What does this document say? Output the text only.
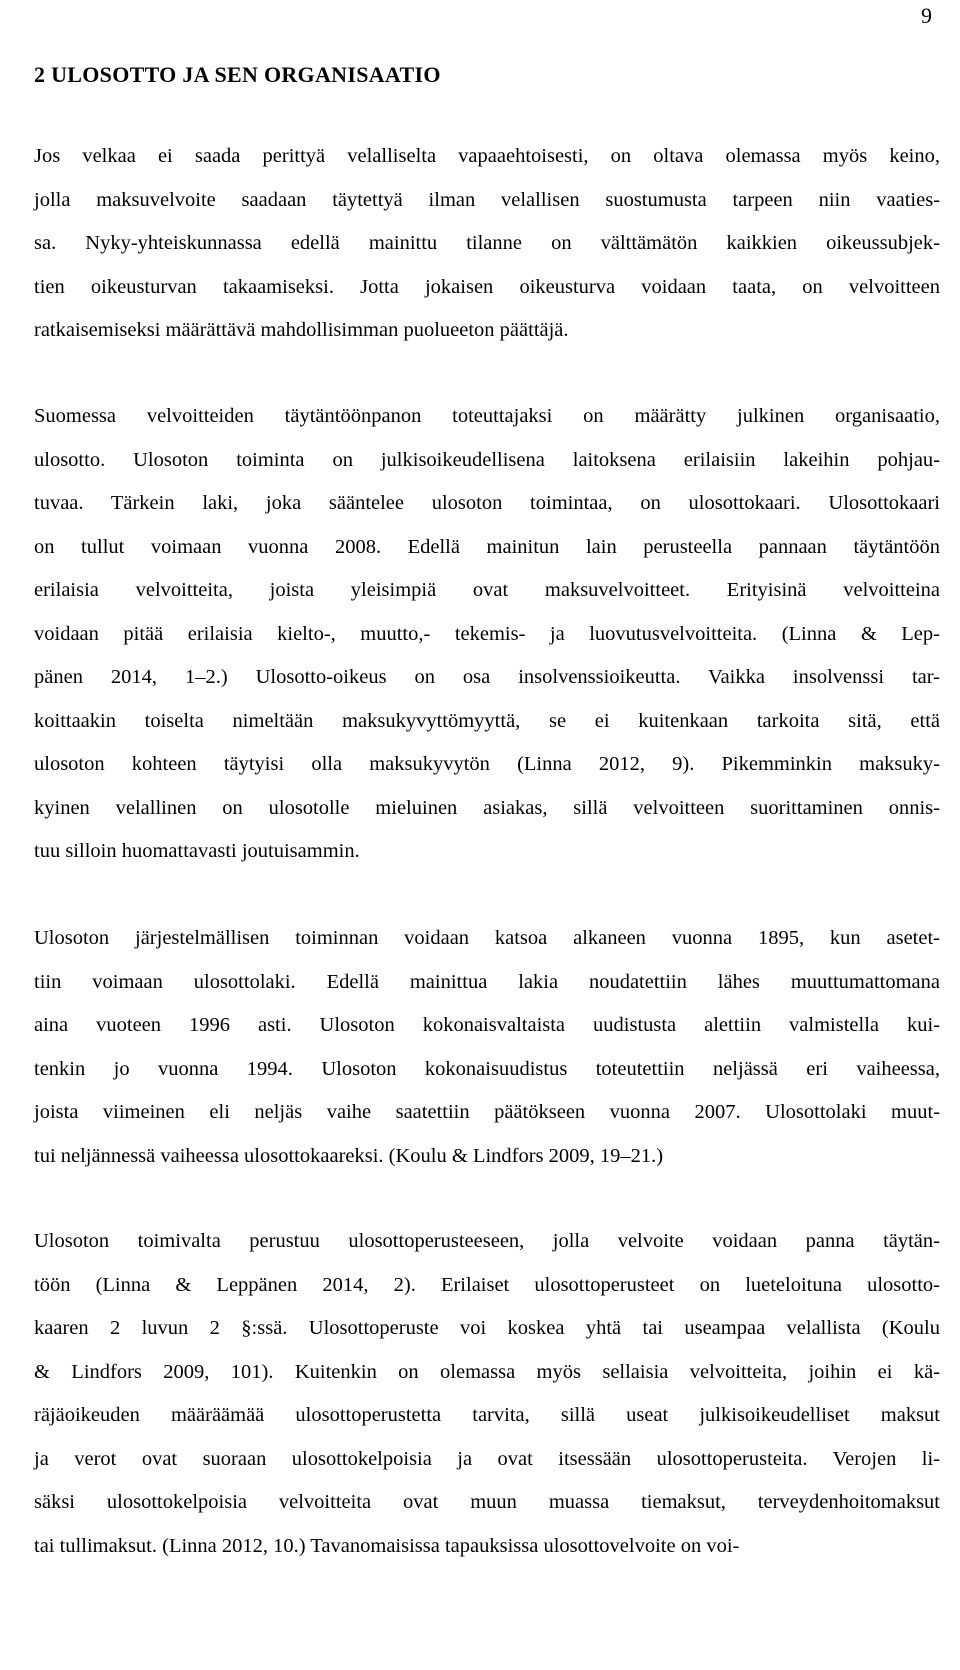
9
2 ULOSOTTO JA SEN ORGANISAATIO
Jos velkaa ei saada perittyä velalliselta vapaaehtoisesti, on oltava olemassa myös keino,
jolla maksuvelvoite saadaan täytettyä ilman velallisen suostumusta tarpeen niin vaaties-
sa. Nyky-yhteiskunnassa edellä mainittu tilanne on välttämätön kaikkien oikeussubjek-
tien oikeusturvan takaamiseksi. Jotta jokaisen oikeusturva voidaan taata, on velvoitteen
ratkaisemiseksi määrättävä mahdollisimman puolueeton päättäjä.
Suomessa velvoitteiden täytäntöönpanon toteuttajaksi on määrätty julkinen organisaatio,
ulosotto. Ulosoton toiminta on julkisoikeudellisena laitoksena erilaisiin lakeihin pohjau-
tuvaa. Tärkein laki, joka sääntelee ulosoton toimintaa, on ulosottokaari. Ulosottokaari
on tullut voimaan vuonna 2008. Edellä mainitun lain perusteella pannaan täytäntöön
erilaisia velvoitteita, joista yleisimpiä ovat maksuvelvoitteet. Erityisinä velvoitteina
voidaan pitää erilaisia kielto-, muutto,- tekemis- ja luovutusvelvoitteita. (Linna & Lep-
pänen 2014, 1–2.) Ulosotto-oikeus on osa insolvenssioikeutta. Vaikka insolvenssi tar-
koittaakin toiselta nimeltään maksukyvyttömyyttä, se ei kuitenkaan tarkoita sitä, että
ulosoton kohteen täytyisi olla maksukyvytön (Linna 2012, 9). Pikemminkin maksuky-
kyinen velallinen on ulosotolle mieluinen asiakas, sillä velvoitteen suorittaminen onnis-
tuu silloin huomattavasti joutuisammin.
Ulosoton järjestelmällisen toiminnan voidaan katsoa alkaneen vuonna 1895, kun asetet-
tiin voimaan ulosottolaki. Edellä mainittua lakia noudatettiin lähes muuttumattomana
aina vuoteen 1996 asti. Ulosoton kokonaisvaltaista uudistusta alettiin valmistella kui-
tenkin jo vuonna 1994. Ulosoton kokonaisuudistus toteutettiin neljässä eri vaiheessa,
joista viimeinen eli neljäs vaihe saatettiin päätökseen vuonna 2007. Ulosottolaki muut-
tui neljännessä vaiheessa ulosottokaareksi. (Koulu & Lindfors 2009, 19–21.)
Ulosoton toimivalta perustuu ulosottoperusteeseen, jolla velvoite voidaan panna täytän-
töön (Linna & Leppänen 2014, 2). Erilaiset ulosottoperusteet on lueteloitunа ulosotto-
kaaren 2 luvun 2 §:ssä. Ulosottoperuste voi koskea yhtä tai useampaa velallista (Koulu
& Lindfors 2009, 101). Kuitenkin on olemassa myös sellaisia velvoitteita, joihin ei kä-
räjäoikeuden määräämää ulosottoperustetta tarvita, sillä useat julkisoikeudelliset maksut
ja verot ovat suoraan ulosottokelpoisia ja ovat itsessään ulosottoperusteita. Verojen li-
säksi ulosottokelpoisia velvoitteita ovat muun muassa tiemaksut, terveydenhoitomaksut
tai tullimaksut. (Linna 2012, 10.) Tavanomaisissa tapauksissa ulosottovelvoite on voi-
